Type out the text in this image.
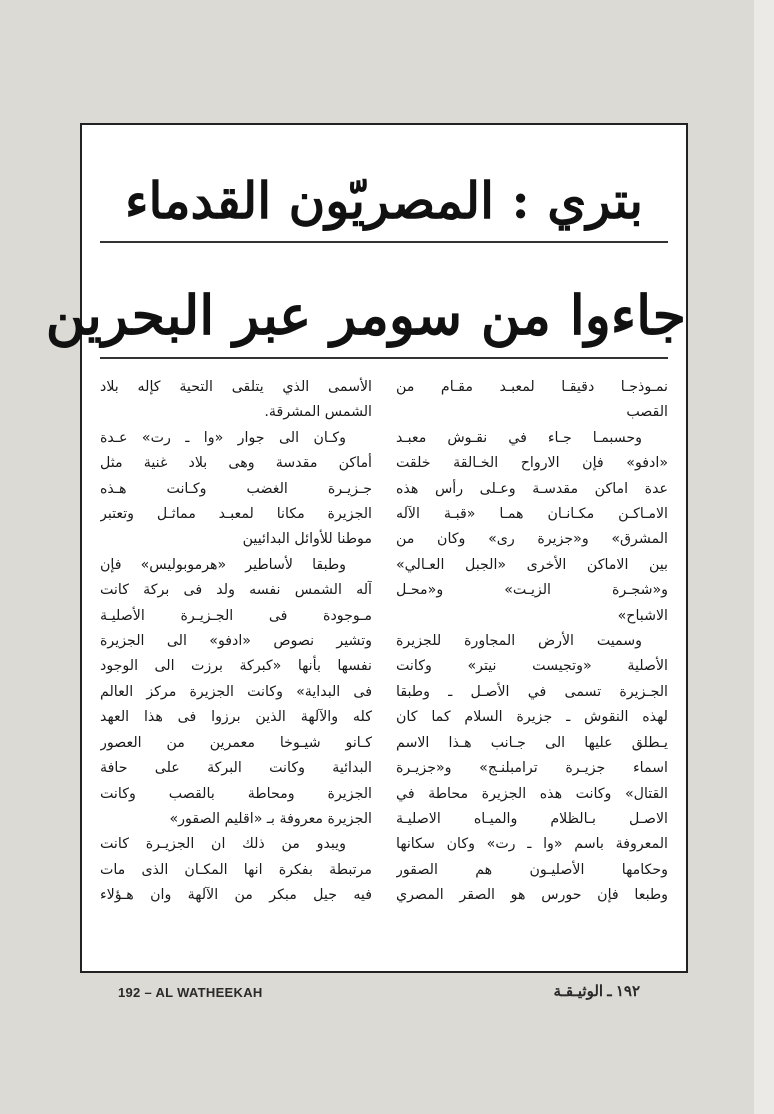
بتري : المصريّون القدماء
جاءوا من سومر عبر البحرين
نمـوذجـا دقيقـا لمعبـد مقـام من
القصب
وحسبمـا جـاء في نقـوش معبـد
«ادفو» فإن الارواح الخـالقة خلقت
عدة اماكن مقدسـة وعـلى رأس هذه
الامـاكـن مكـانـان همـا «قبـة الآله
المشرق» و«جزيرة رى» وكان من
بين الاماكن الأخرى «الجبل العـالي»
و«شجـرة الزيـت» و«محـل
الاشباح»
وسميت الأرض المجاورة للجزيرة
الأصلية «وتجيست نيتر» وكانت
الجـزيرة تسمى في الأصـل ـ وطبقا
لهذه النقوش ـ جزيرة السلام كما كان
يـطلق عليها الى جـانب هـذا الاسم
اسماء جزيـرة ترامبلنـج» و«جزيـرة
القتال» وكانت هذه الجزيرة محاطة في
الاصـل بـالظلام والميـاه الاصليـة
المعروفة باسم «وا ـ رت» وكان سكانها
وحكامها الأصليـون هم الصقور
وطبعا فإن حورس هو الصقر المصري
الأسمى الذي يتلقى التحية كإله بلاد
الشمس المشرقة.
وكـان الى جوار «وا ـ رت» عـدة
أماكن مقدسة وهى بلاد غنية مثل
جـزيـرة الغضب وكـانت هـذه
الجزيرة مكانا لمعبـد مماثـل وتعتبر
موطنا للأوائل البدائيين
وطبقا لأساطير «هرموبوليس» فإن
آله الشمس نفسه ولد فى بركة كانت
مـوجودة فى الجـزيـرة الأصليـة
وتشير نصوص «ادفو» الى الجزيرة
نفسها بأنها «كبركة برزت الى الوجود
فى البداية» وكانت الجزيرة مركز العالم
كله والآلهة الذين برزوا فى هذا العهد
كـانو شيـوخا معمرين من العصور
البدائية وكانت البركة على حافة
الجزيرة ومحاطة بالقصب وكانت
الجزيرة معروفة بـ «اقليم الصقور»
ويبدو من ذلك ان الجزيـرة كانت
مرتبطة بفكرة انها المكـان الذى مات
فيه جيل مبكر من الآلهة وان هـؤلاء
192 – AL WATHEEKAH	١٩٢ ـ الوثيـقـة
